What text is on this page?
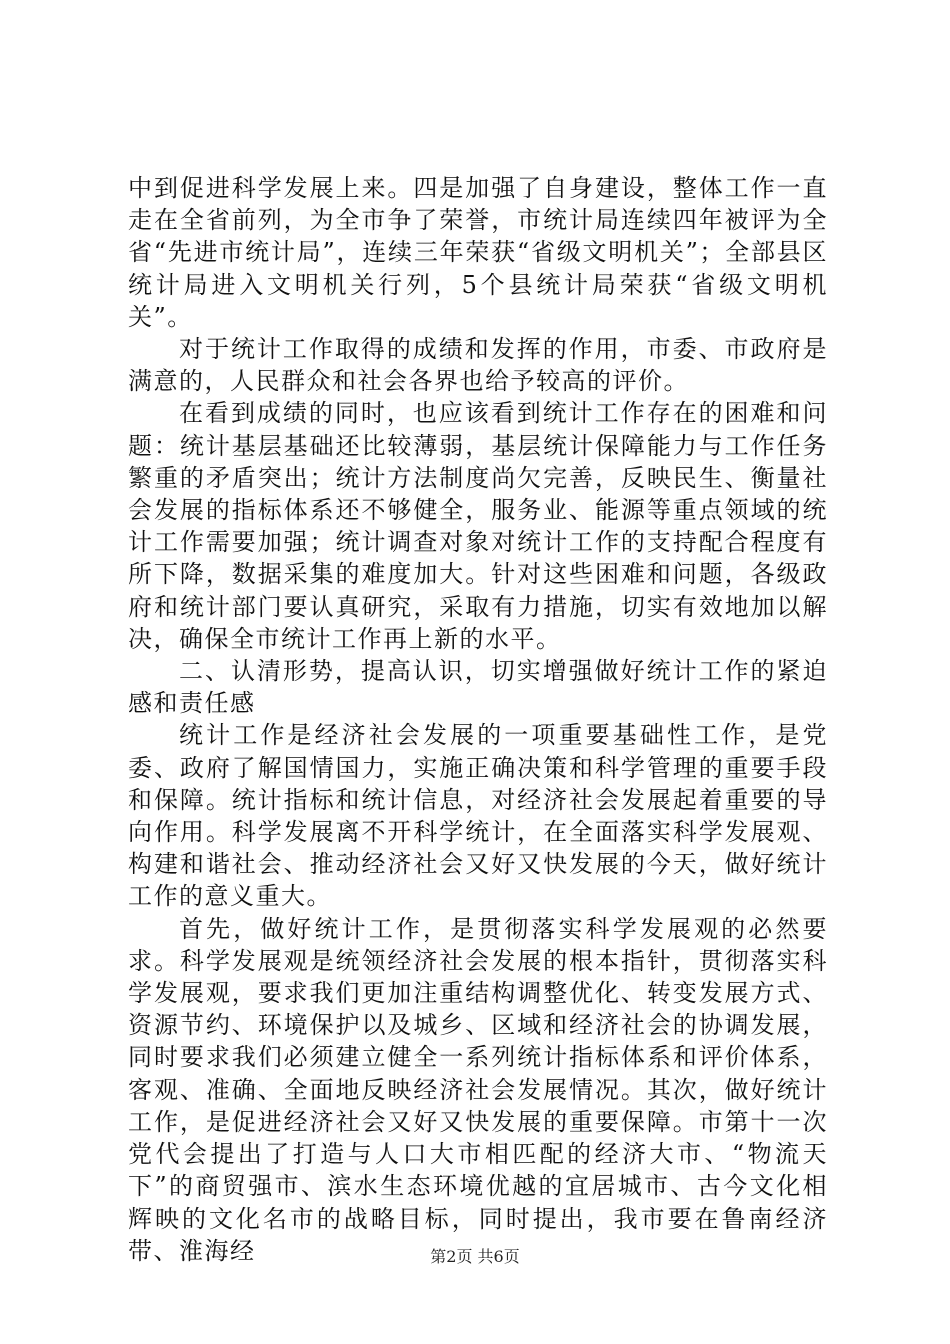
中到促进科学发展上来。四是加强了自身建设，整体工作一直走在全省前列，为全市争了荣誉，市统计局连续四年被评为全省“先进市统计局”，连续三年荣获“省级文明机关”；全部县区统计局进入文明机关行列，5个县统计局荣获“省级文明机关”。

对于统计工作取得的成绩和发挥的作用，市委、市政府是满意的，人民群众和社会各界也给予较高的评价。

在看到成绩的同时，也应该看到统计工作存在的困难和问题：统计基层基础还比较薄弱，基层统计保障能力与工作任务繁重的矛盾突出；统计方法制度尚欠完善，反映民生、衡量社会发展的指标体系还不够健全，服务业、能源等重点领域的统计工作需要加强；统计调查对象对统计工作的支持配合程度有所下降，数据采集的难度加大。针对这些困难和问题，各级政府和统计部门要认真研究，采取有力措施，切实有效地加以解决，确保全市统计工作再上新的水平。

二、认清形势，提高认识，切实增强做好统计工作的紧迫感和责任感

统计工作是经济社会发展的一项重要基础性工作，是党委、政府了解国情国力，实施正确决策和科学管理的重要手段和保障。统计指标和统计信息，对经济社会发展起着重要的导向作用。科学发展离不开科学统计，在全面落实科学发展观、构建和谐社会、推动经济社会又好又快发展的今天，做好统计工作的意义重大。

首先，做好统计工作，是贯彻落实科学发展观的必然要求。科学发展观是统领经济社会发展的根本指针，贯彻落实科学发展观，要求我们更加注重结构调整优化、转变发展方式、资源节约、环境保护以及城乡、区域和经济社会的协调发展，同时要求我们必须建立健全一系列统计指标体系和评价体系，客观、准确、全面地反映经济社会发展情况。其次，做好统计工作，是促进经济社会又好又快发展的重要保障。市第十一次党代会提出了打造与人口大市相匹配的经济大市、“物流天下”的商贸强市、滨水生态环境优越的宜居城市、古今文化相辉映的文化名市的战略目标，同时提出，我市要在鲁南经济带、淮海经	第2页 共6页
